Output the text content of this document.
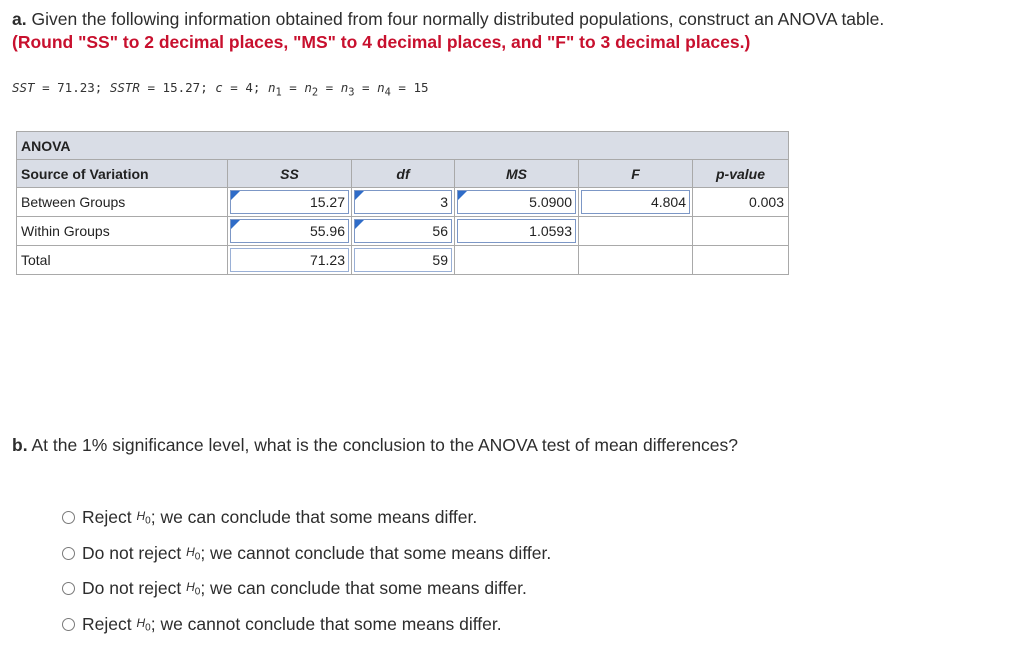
a. Given the following information obtained from four normally distributed populations, construct an ANOVA table.
(Round "SS" to 2 decimal places, "MS" to 4 decimal places, and "F" to 3 decimal places.)
SST = 71.23; SSTR = 15.27; c = 4; $n_1 = n_2 = n_3 = n_4 = 15$
ANOVA					
Source of Variation	SS	df	MS	F	p-value
Between Groups	15.27	3	5.0900	4.804	0.003
Within Groups	55.96	56	1.0593		

Total	71.23	59			

b. At the 1% significance level, what is the conclusion to the ANOVA test of mean differences?
Reject
$H_0$ ; we can conclude that some means differ.
Do not reject
$H_0$ ; we cannot conclude that some means differ.
Do not reject
$H_0$ ; we can conclude that some means differ.
Reject
$H_0$ ; we cannot conclude that some means differ.
